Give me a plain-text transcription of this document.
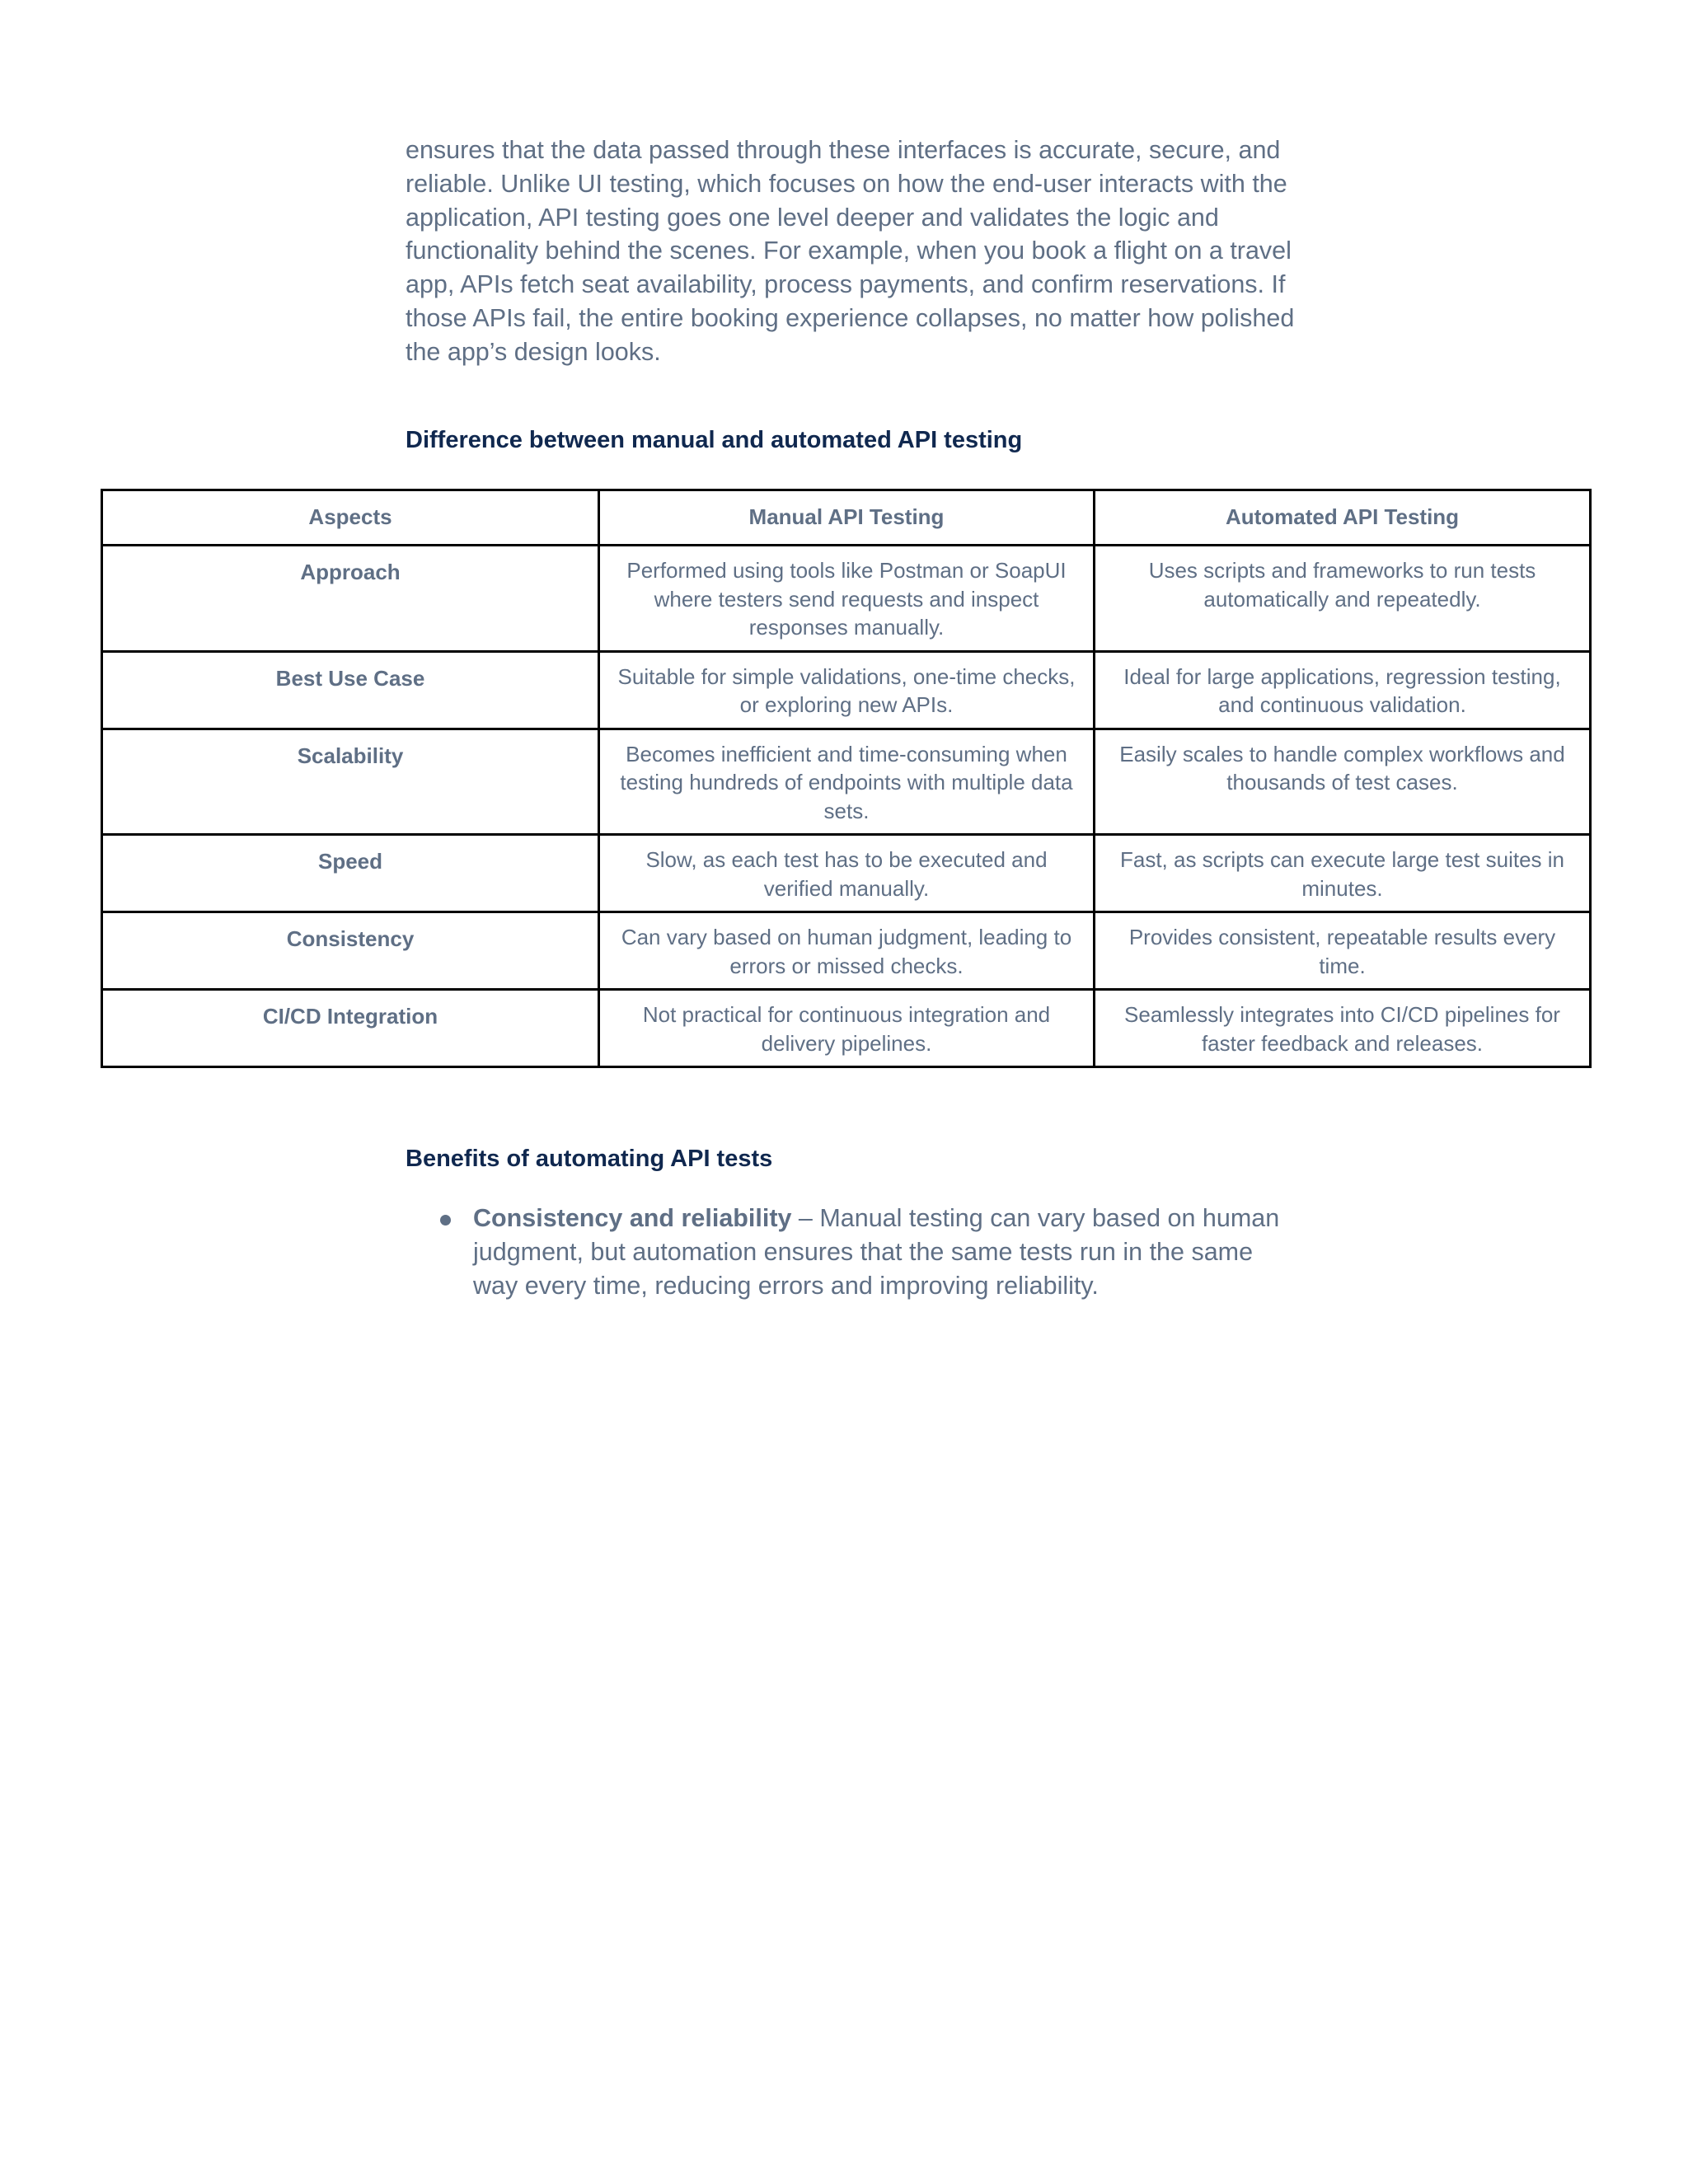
ensures that the data passed through these interfaces is accurate, secure, and reliable. Unlike UI testing, which focuses on how the end-user interacts with the application, API testing goes one level deeper and validates the logic and functionality behind the scenes. For example, when you book a flight on a travel app, APIs fetch seat availability, process payments, and confirm reservations. If those APIs fail, the entire booking experience collapses, no matter how polished the app’s design looks.

Difference between manual and automated API testing
Aspects	Manual API Testing	Automated API Testing
Approach	Performed using tools like Postman or SoapUI where testers send requests and inspect responses manually.	Uses scripts and frameworks to run tests automatically and repeatedly.
Best Use Case	Suitable for simple validations, one-time checks, or exploring new APIs.	Ideal for large applications, regression testing, and continuous validation.
Scalability	Becomes inefficient and time-consuming when testing hundreds of endpoints with multiple data sets.	Easily scales to handle complex workflows and thousands of test cases.
Speed	Slow, as each test has to be executed and verified manually.	Fast, as scripts can execute large test suites in minutes.
Consistency	Can vary based on human judgment, leading to errors or missed checks.	Provides consistent, repeatable results every time.
CI/CD Integration	Not practical for continuous integration and delivery pipelines.	Seamlessly integrates into CI/CD pipelines for faster feedback and releases.
Benefits of automating API tests
Consistency and reliability – Manual testing can vary based on human judgment, but automation ensures that the same tests run in the same way every time, reducing errors and improving reliability.
